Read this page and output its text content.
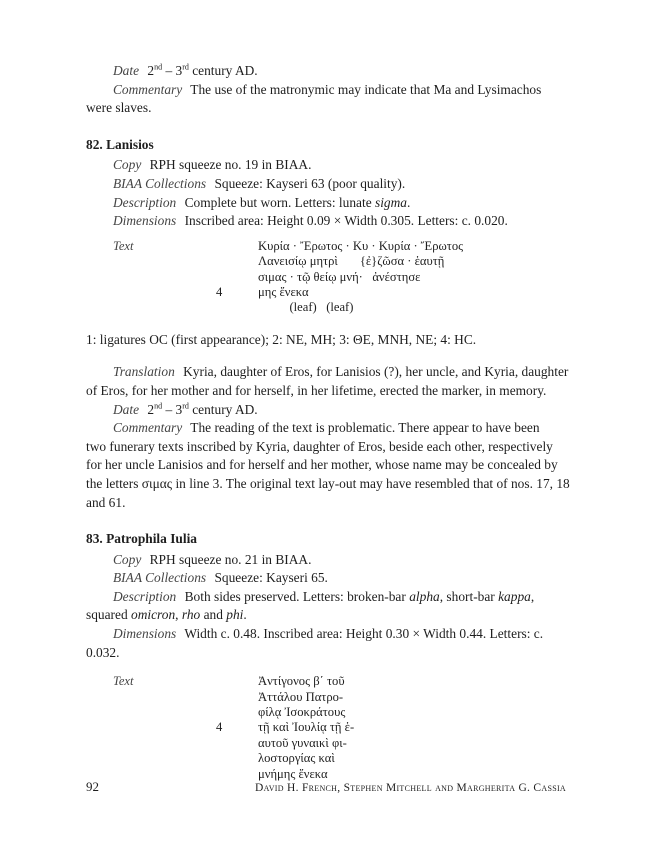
Date 2nd – 3rd century AD.
Commentary The use of the matronymic may indicate that Ma and Lysimachos
were slaves.
82. Lanisios
Copy RPH squeeze no. 19 in BIAA.
BIAA Collections Squeeze: Kayseri 63 (poor quality).
Description Complete but worn. Letters: lunate sigma.
Dimensions Inscribed area: Height 0.09 × Width 0.305. Letters: c. 0.020.
Text
4
Κυρία · Ἔρωτος · Κυ · Κυρία · Ἔρωτος
Λανεισίῳ μητρὶ       {ἐ}ζῶσα · ἑαυτῇ
σιμας · τῷ θείῳ μνή·   ἀνέστησε
μης ἕνεκα
(leaf)   (leaf)
1: ligatures OC (first appearance); 2: NE, MH; 3: ΘΕ, MNH, NE; 4: HC.
Translation Kyria, daughter of Eros, for Lanisios (?), her uncle, and Kyria, daughter
of Eros, for her mother and for herself, in her lifetime, erected the marker, in memory.
Date 2nd – 3rd century AD.
Commentary The reading of the text is problematic. There appear to have been
two funerary texts inscribed by Kyria, daughter of Eros, beside each other, respectively
for her uncle Lanisios and for herself and her mother, whose name may be concealed by
the letters σιμας in line 3. The original text lay-out may have resembled that of nos. 17, 18
and 61.
83. Patrophila Iulia
Copy RPH squeeze no. 21 in BIAA.
BIAA Collections Squeeze: Kayseri 65.
Description Both sides preserved. Letters: broken-bar alpha, short-bar kappa,
squared omicron, rho and phi.
Dimensions Width c. 0.48. Inscribed area: Height 0.30 × Width 0.44. Letters: c.
0.032.
Text
4
Ἀντίγονος β΄ τοῦ
Ἀττάλου Πατρο-
φίλᾳ Ἰσοκράτους
τῇ καὶ Ἰουλίᾳ τῇ ἑ-
αυτοῦ γυναικὶ φι-
λοστοργίας καὶ
μνήμης ἕνεκα
92	David H. French, Stephen Mitchell and Margherita G. Cassia
